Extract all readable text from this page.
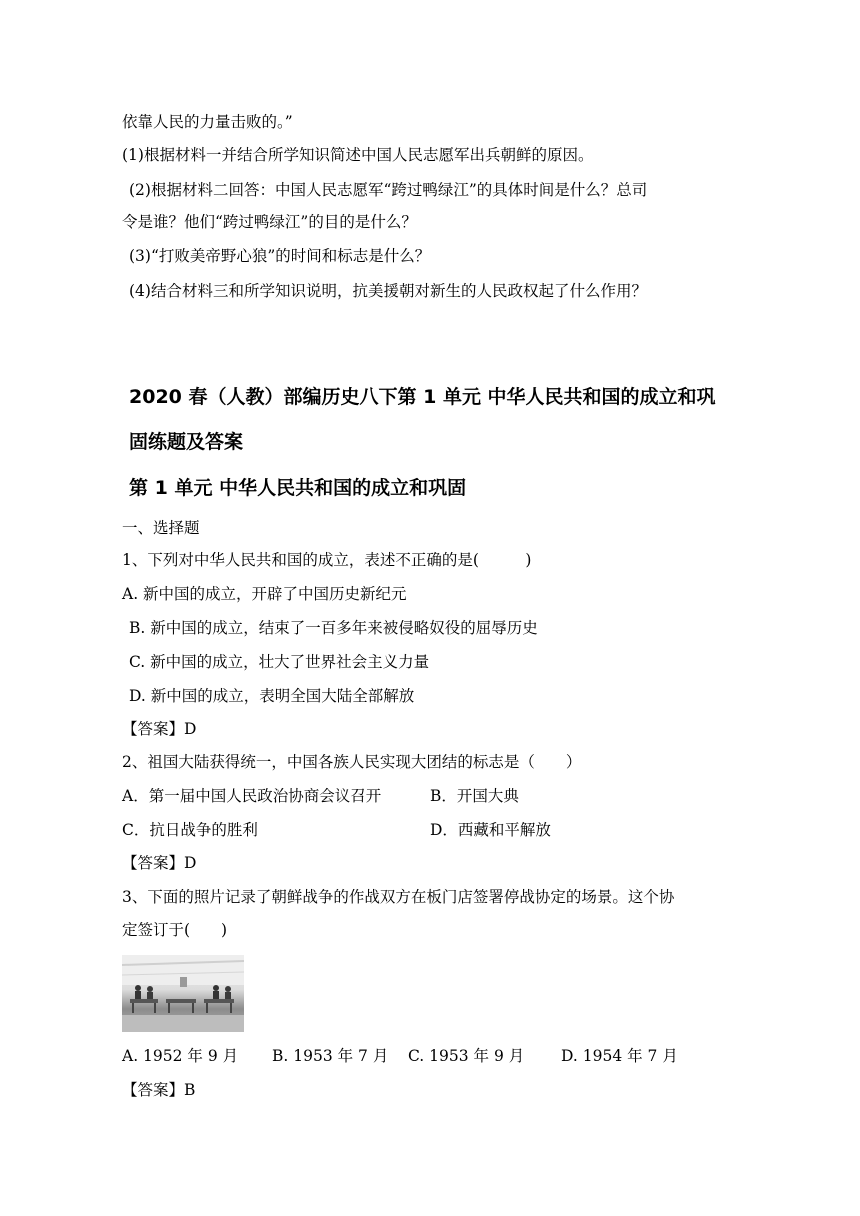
依靠人民的力量击败的。”
(1)根据材料一并结合所学知识简述中国人民志愿军出兵朝鲜的原因。
(2)根据材料二回答：中国人民志愿军“跨过鸭绿江”的具体时间是什么？总司
令是谁？他们“跨过鸭绿江”的目的是什么？
(3)“打败美帝野心狼”的时间和标志是什么？
(4)结合材料三和所学知识说明，抗美援朝对新生的人民政权起了什么作用？
2020 春（人教）部编历史八下第 1 单元 中华人民共和国的成立和巩
固练题及答案
第 1 单元 中华人民共和国的成立和巩固
一、选择题
1、下列对中华人民共和国的成立，表述不正确的是(　　　)
A. 新中国的成立，开辟了中国历史新纪元
B. 新中国的成立，结束了一百多年来被侵略奴役的屈辱历史
C. 新中国的成立，壮大了世界社会主义力量
D. 新中国的成立，表明全国大陆全部解放
【答案】D
2、祖国大陆获得统一，中国各族人民实现大团结的标志是（　　）
A．第一届中国人民政治协商会议召开	B．开国大典
C．抗日战争的胜利	D．西藏和平解放
【答案】D
3、下面的照片记录了朝鲜战争的作战双方在板门店签署停战协定的场景。这个协
定签订于(　　)
A. 1952 年 9 月 B. 1953 年 7 月 C. 1953 年 9 月 D. 1954 年 7 月
【答案】B
